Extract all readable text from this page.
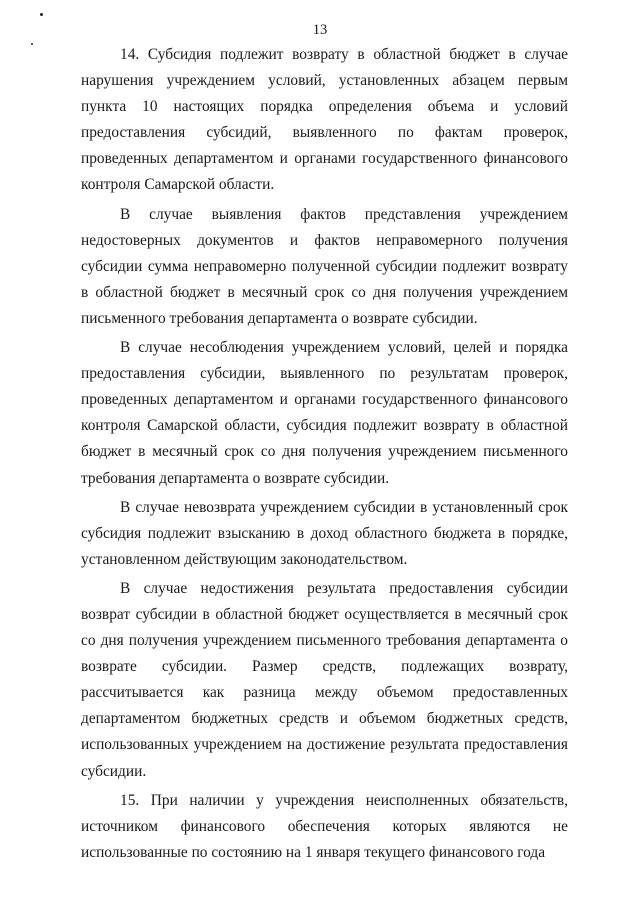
13

14. Субсидия подлежит возврату в областной бюджет в случае нарушения учреждением условий, установленных абзацем первым пункта 10 настоящих порядка определения объема и условий предоставления субсидий, выявленного по фактам проверок, проведенных департаментом и органами государственного финансового контроля Самарской области.

В случае выявления фактов представления учреждением недостоверных документов и фактов неправомерного получения субсидии сумма неправомерно полученной субсидии подлежит возврату в областной бюджет в месячный срок со дня получения учреждением письменного требования департамента о возврате субсидии.

В случае несоблюдения учреждением условий, целей и порядка предоставления субсидии, выявленного по результатам проверок, проведенных департаментом и органами государственного финансового контроля Самарской области, субсидия подлежит возврату в областной бюджет в месячный срок со дня получения учреждением письменного требования департамента о возврате субсидии.

В случае невозврата учреждением субсидии в установленный срок субсидия подлежит взысканию в доход областного бюджета в порядке, установленном действующим законодательством.

В случае недостижения результата предоставления субсидии возврат субсидии в областной бюджет осуществляется в месячный срок со дня получения учреждением письменного требования департамента о возврате субсидии. Размер средств, подлежащих возврату, рассчитывается как разница между объемом предоставленных департаментом бюджетных средств и объемом бюджетных средств, использованных учреждением на достижение результата предоставления субсидии.

15. При наличии у учреждения неисполненных обязательств, источником финансового обеспечения которых являются не использованные по состоянию на 1 января текущего финансового года
